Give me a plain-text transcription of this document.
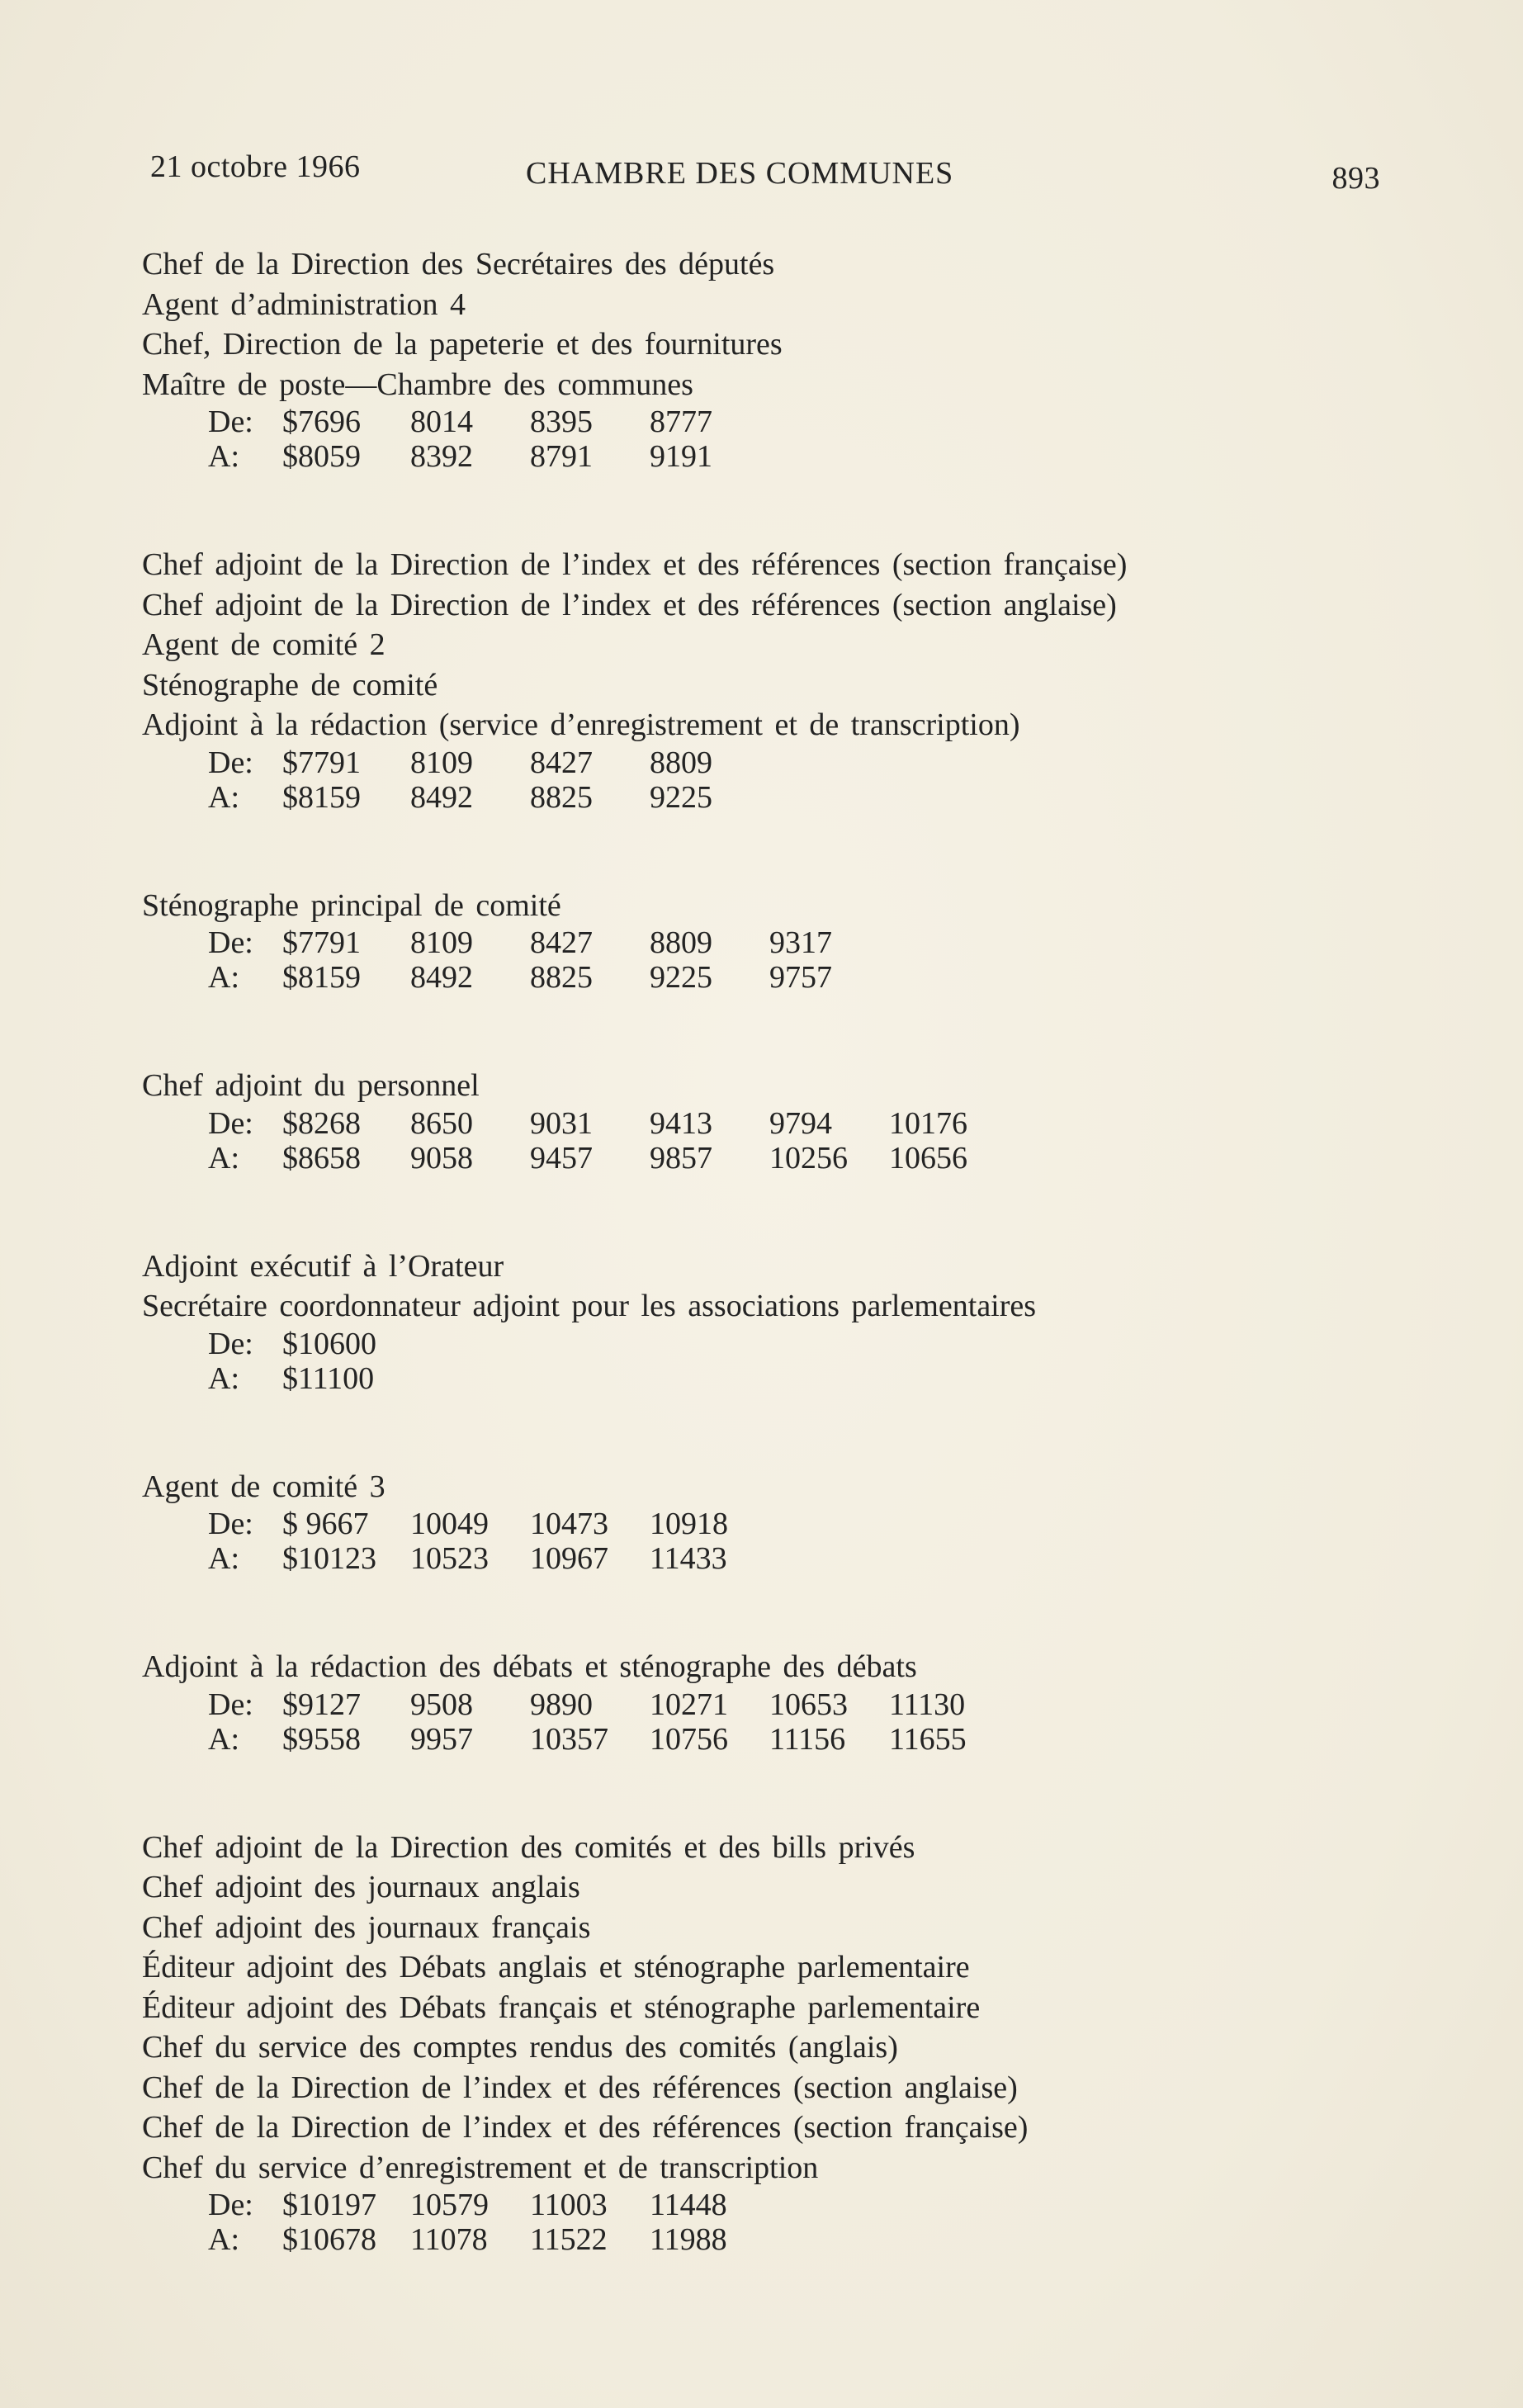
21 octobre 1966	CHAMBRE DES COMMUNES	893
Chef de la Direction des Secrétaires des députés
Agent d’administration 4
Chef, Direction de la papeterie et des fournitures
Maître de poste—Chambre des communes
De: $7696 8014 8395 8777
A: $8059 8392 8791 9191
Chef adjoint de la Direction de l’index et des références (section française)
Chef adjoint de la Direction de l’index et des références (section anglaise)
Agent de comité 2
Sténographe de comité
Adjoint à la rédaction (service d’enregistrement et de transcription)
De: $7791 8109 8427 8809
A: $8159 8492 8825 9225
Sténographe principal de comité
De: $7791 8109 8427 8809 9317
A: $8159 8492 8825 9225 9757
Chef adjoint du personnel
De: $8268 8650 9031 9413 9794 10176
A: $8658 9058 9457 9857 10256 10656
Adjoint exécutif à l’Orateur
Secrétaire coordonnateur adjoint pour les associations parlementaires
De: $10600
A: $11100
Agent de comité 3
De: $ 9667 10049 10473 10918
A: $10123 10523 10967 11433
Adjoint à la rédaction des débats et sténographe des débats
De: $9127 9508 9890 10271 10653 11130
A: $9558 9957 10357 10756 11156 11655
Chef adjoint de la Direction des comités et des bills privés
Chef adjoint des journaux anglais
Chef adjoint des journaux français
Éditeur adjoint des Débats anglais et sténographe parlementaire
Éditeur adjoint des Débats français et sténographe parlementaire
Chef du service des comptes rendus des comités (anglais)
Chef de la Direction de l’index et des références (section anglaise)
Chef de la Direction de l’index et des références (section française)
Chef du service d’enregistrement et de transcription
De: $10197 10579 11003 11448
A: $10678 11078 11522 11988
